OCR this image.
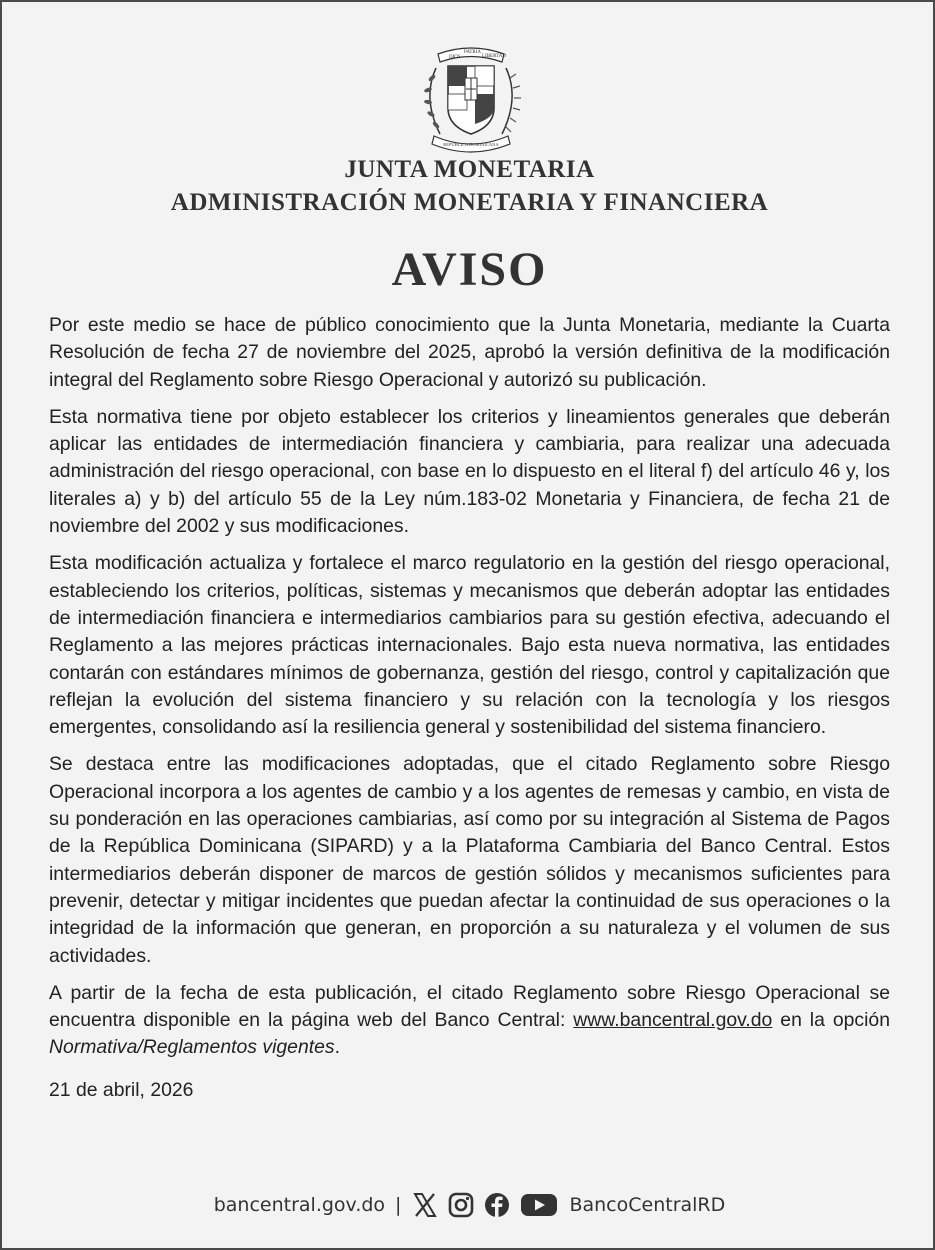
DIOS
PATRIA
LIBERTAD
REPÚBLICA DOMINICANA
JUNTA MONETARIA
ADMINISTRACIÓN MONETARIA Y FINANCIERA
AVISO

Por este medio se hace de público conocimiento que la Junta Monetaria, mediante la Cuarta Resolución de fecha 27 de noviembre del 2025, aprobó la versión definitiva de la modificación integral del Reglamento sobre Riesgo Operacional y autorizó su publicación.

Esta normativa tiene por objeto establecer los criterios y lineamientos generales que deberán aplicar las entidades de intermediación financiera y cambiaria, para realizar una adecuada administración del riesgo operacional, con base en lo dispuesto en el literal f) del artículo 46 y, los literales a) y b) del artículo 55 de la Ley núm.183-02 Monetaria y Financiera, de fecha 21 de noviembre del 2002 y sus modificaciones.

Esta modificación actualiza y fortalece el marco regulatorio en la gestión del riesgo operacional, estableciendo los criterios, políticas, sistemas y mecanismos que deberán adoptar las entidades de intermediación financiera e intermediarios cambiarios para su gestión efectiva, adecuando el Reglamento a las mejores prácticas internacionales. Bajo esta nueva normativa, las entidades contarán con estándares mínimos de gobernanza, gestión del riesgo, control y capitalización que reflejan la evolución del sistema financiero y su relación con la tecnología y los riesgos emergentes, consolidando así la resiliencia general y sostenibilidad del sistema financiero.

Se destaca entre las modificaciones adoptadas, que el citado Reglamento sobre Riesgo Operacional incorpora a los agentes de cambio y a los agentes de remesas y cambio, en vista de su ponderación en las operaciones cambiarias, así como por su integración al Sistema de Pagos de la República Dominicana (SIPARD) y a la Plataforma Cambiaria del Banco Central. Estos intermediarios deberán disponer de marcos de gestión sólidos y mecanismos suficientes para prevenir, detectar y mitigar incidentes que puedan afectar la continuidad de sus operaciones o la integridad de la información que generan, en proporción a su naturaleza y el volumen de sus actividades.

A partir de la fecha de esta publicación, el citado Reglamento sobre Riesgo Operacional se encuentra disponible en la página web del Banco Central: www.bancentral.gov.do en la opción Normativa/Reglamentos vigentes.

21 de abril, 2026

bancentral.gov.do |	BancoCentralRD
